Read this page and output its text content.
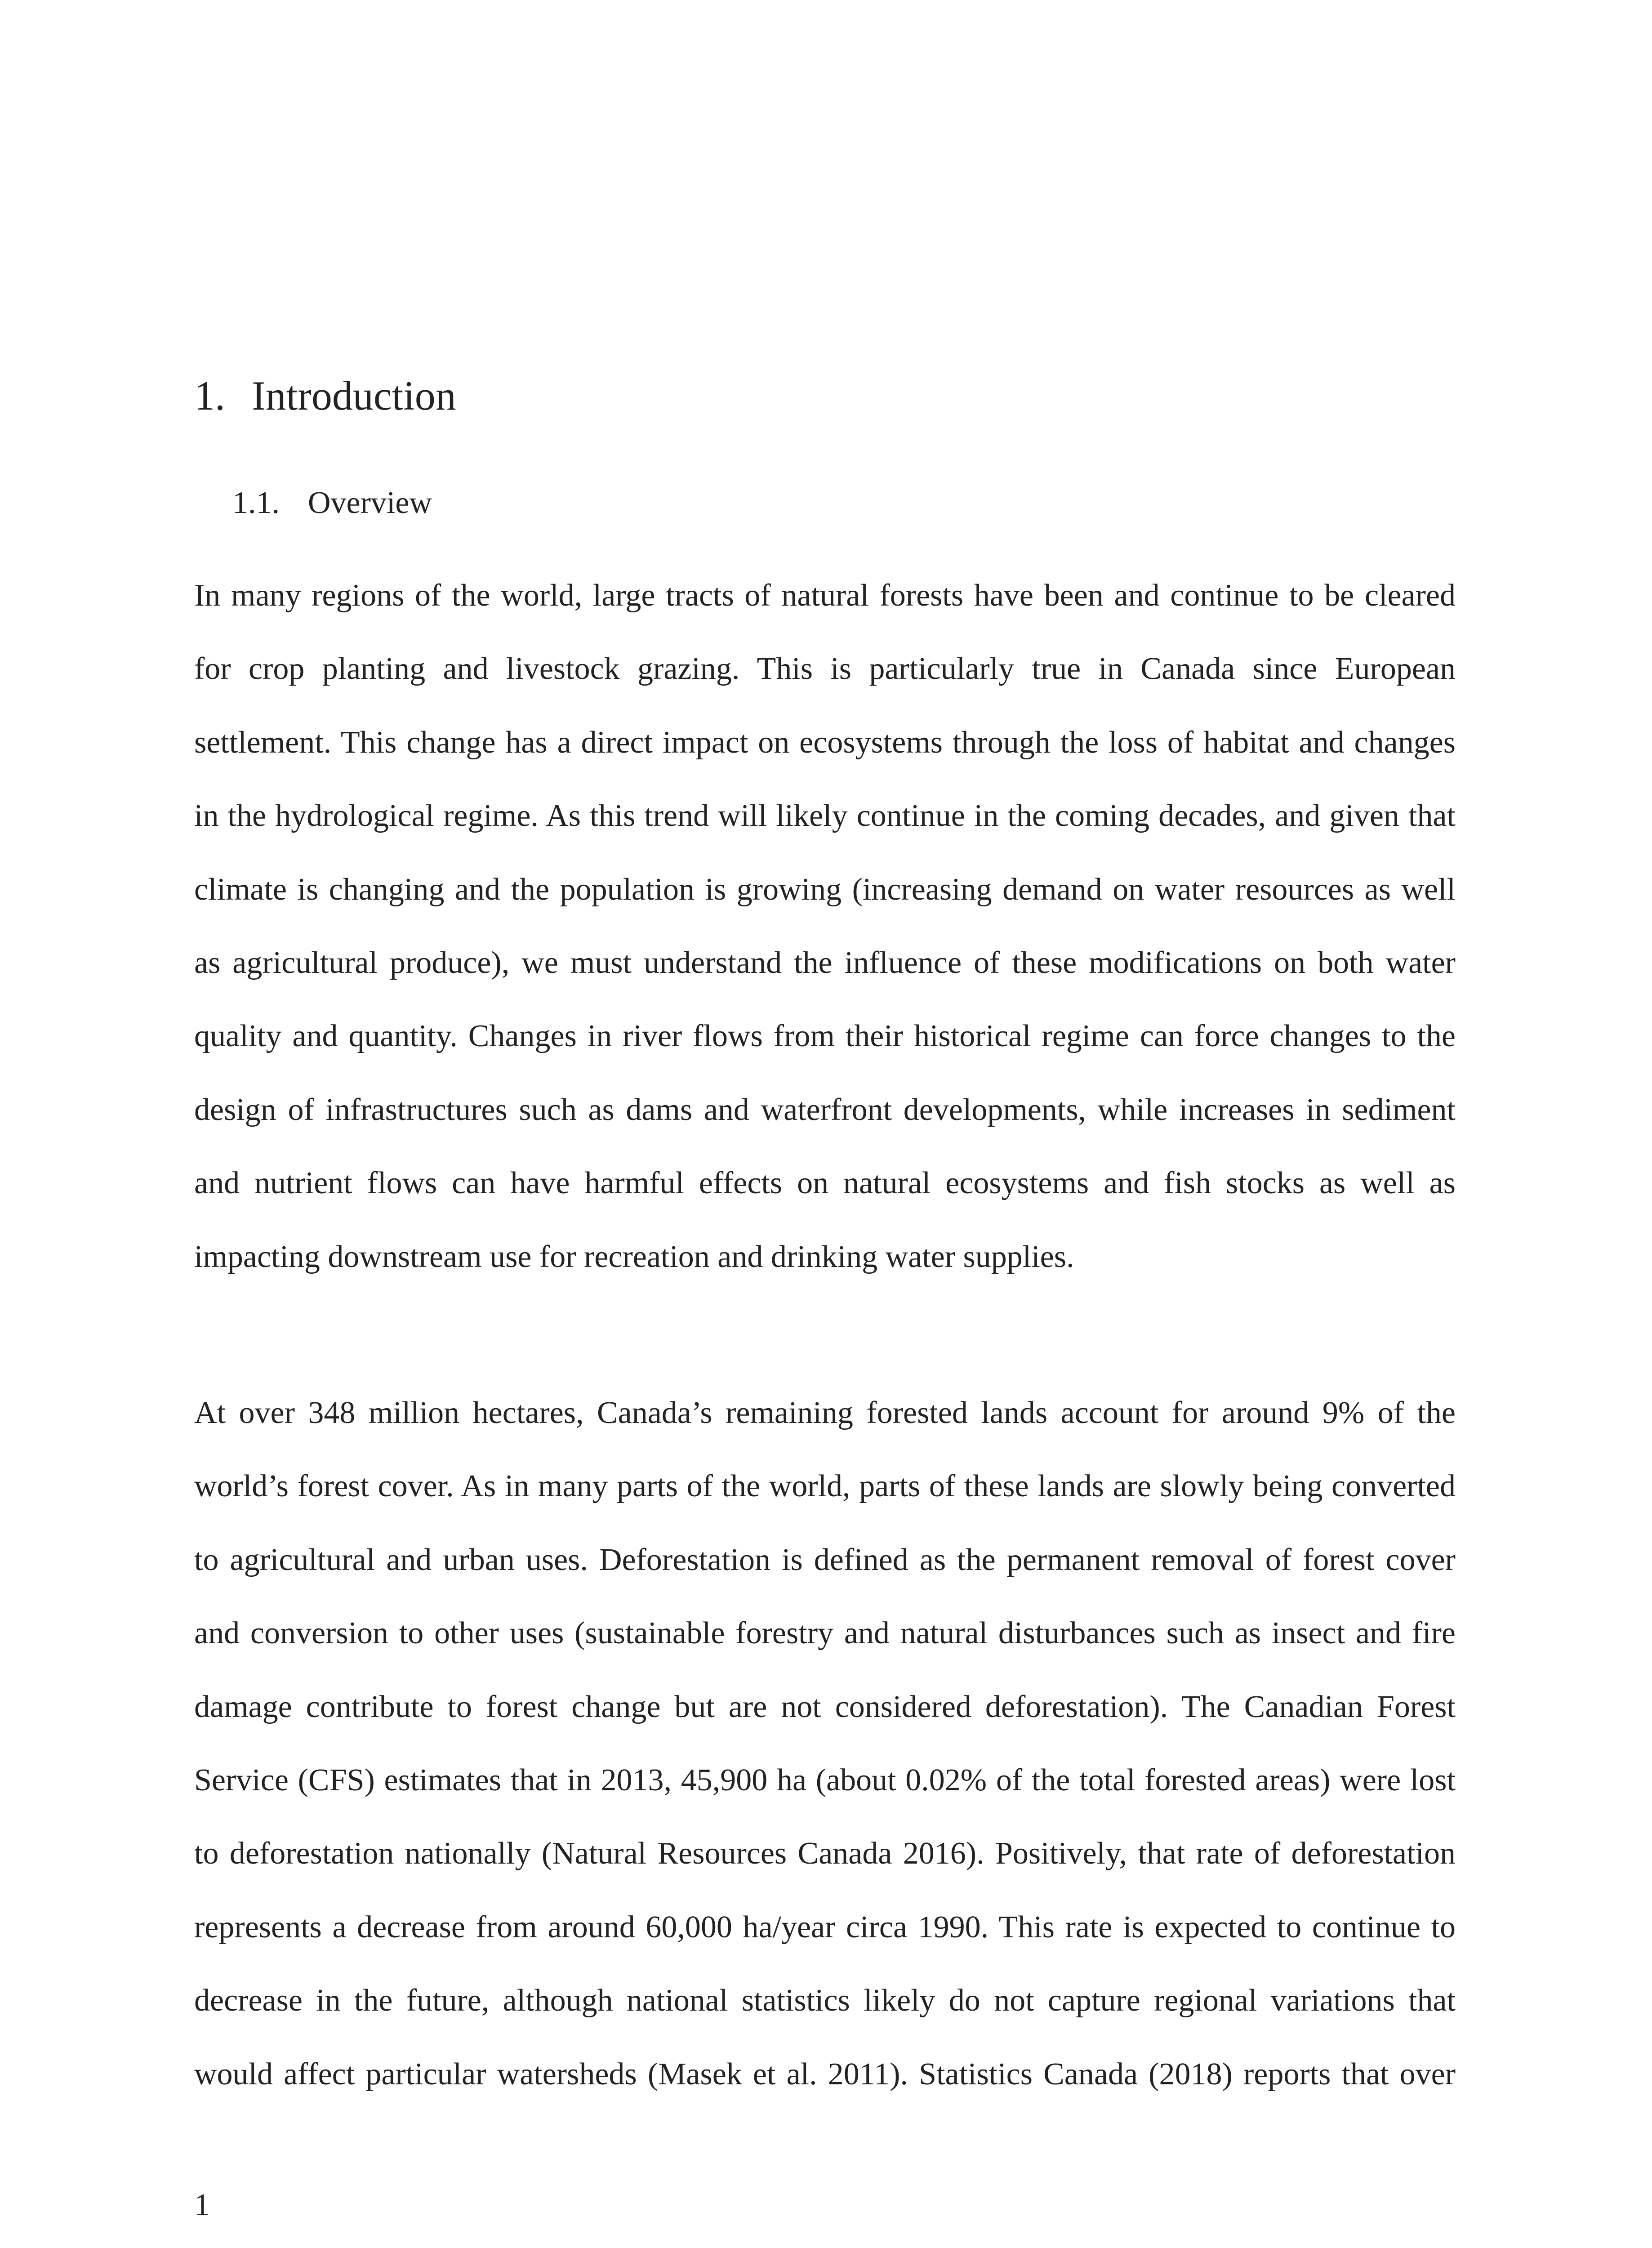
1. Introduction
1.1. Overview
In many regions of the world, large tracts of natural forests have been and continue to be cleared
for crop planting and livestock grazing. This is particularly true in Canada since European
settlement. This change has a direct impact on ecosystems through the loss of habitat and changes
in the hydrological regime. As this trend will likely continue in the coming decades, and given that
climate is changing and the population is growing (increasing demand on water resources as well
as agricultural produce), we must understand the influence of these modifications on both water
quality and quantity. Changes in river flows from their historical regime can force changes to the
design of infrastructures such as dams and waterfront developments, while increases in sediment
and nutrient flows can have harmful effects on natural ecosystems and fish stocks as well as
impacting downstream use for recreation and drinking water supplies.
At over 348 million hectares, Canada’s remaining forested lands account for around 9% of the
world’s forest cover. As in many parts of the world, parts of these lands are slowly being converted
to agricultural and urban uses. Deforestation is defined as the permanent removal of forest cover
and conversion to other uses (sustainable forestry and natural disturbances such as insect and fire
damage contribute to forest change but are not considered deforestation). The Canadian Forest
Service (CFS) estimates that in 2013, 45,900 ha (about 0.02% of the total forested areas) were lost
to deforestation nationally (Natural Resources Canada 2016). Positively, that rate of deforestation
represents a decrease from around 60,000 ha/year circa 1990. This rate is expected to continue to
decrease in the future, although national statistics likely do not capture regional variations that
would affect particular watersheds (Masek et al. 2011). Statistics Canada (2018) reports that over

1
